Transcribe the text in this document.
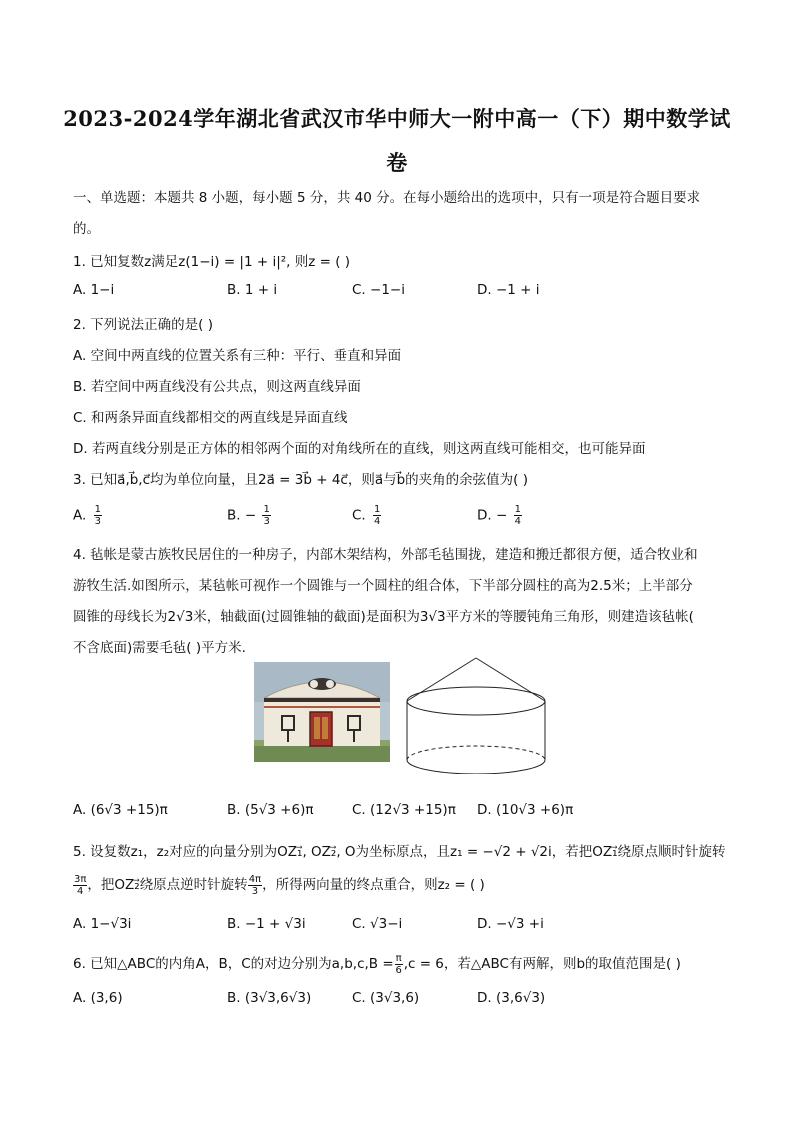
2023-2024学年湖北省武汉市华中师大一附中高一（下）期中数学试
卷
一、单选题：本题共 8 小题，每小题 5 分，共 40 分。在每小题给出的选项中，只有一项是符合题目要求
的。
1. 已知复数z满足z(1−i) = |1 + i|², 则z = ( )
A. 1−i	B. 1 + i	C. −1−i	D. −1 + i
2. 下列说法正确的是( )
A. 空间中两直线的位置关系有三种：平行、垂直和异面
B. 若空间中两直线没有公共点，则这两直线异面
C. 和两条异面直线都相交的两直线是异面直线
D. 若两直线分别是正方体的相邻两个面的对角线所在的直线，则这两直线可能相交，也可能异面
3. 已知a⃗,b⃗,c⃗均为单位向量，且2a⃗ = 3b⃗ + 4c⃗，则a⃗与b⃗的夹角的余弦值为( )
A. $\frac{1}{3}$	B. − $\frac{1}{3}$	C. $\frac{1}{4}$	D. − $\frac{1}{4}$
4. 毡帐是蒙古族牧民居住的一种房子，内部木架结构，外部毛毡围拢，建造和搬迁都很方便，适合牧业和
游牧生活.如图所示，某毡帐可视作一个圆锥与一个圆柱的组合体，下半部分圆柱的高为2.5米；上半部分
圆锥的母线长为2√3米，轴截面(过圆锥轴的截面)是面积为3√3平方米的等腰钝角三角形，则建造该毡帐(
不含底面)需要毛毡( )平方米.
A. (6√3 +15)π	B. (5√3 +6)π	C. (12√3 +15)π D. (10√3 +6)π
5. 设复数z₁，z₂对应的向量分别为OZ₁⃗, OZ₂⃗, O为坐标原点，且z₁ = −√2 + √2i，若把OZ₁⃗绕原点顺时针旋转
$\frac{3\pi}{4}$ ，把OZ₂⃗绕原点逆时针旋转 $\frac{4\pi}{3}$ ，所得两向量的终点重合，则z₂ = ( )
A. 1−√3i	B. −1 + √3i	C. √3−i	D. −√3 +i
6. 已知△ABC的内角A，B，C的对边分别为$a,b,c,B = \frac{\pi}{6} ,c = 6$，若△ABC有两解，则b的取值范围是( )
A. (3,6)	B. (3√3,6√3)	C. (3√3,6)	D. (3,6√3)
